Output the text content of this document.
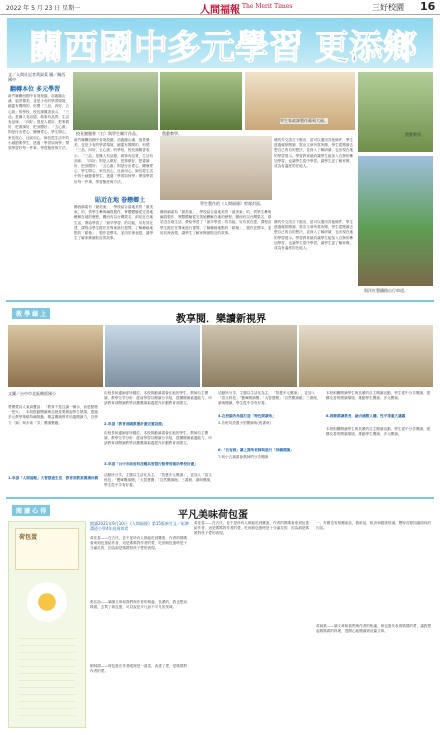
2022 年 5 月 23 日 星期一	人間福報 The Merit Times	三好校園 16
關西國中
多元學習 更添鄉
文／人間社記者黃淑萊 圖／關西國中
翻轉本位 多元學習
新竹縣關西國中肯境校園，前臨鳳山溪、風景優美，並是少有的學習環境，鋪蓋有間間的，形塑「三品、四好、五心級」的學校，校長謝鳳香表示，「三品」是擁人有品德、做事有品質、生活有品味；「四好」則是人做好、把事做好、把書讀好、把身體好；「五心級」則是付出愛心、關懷愛心、學生開心、家長放心、社區用心，師長從生活中的小細節要學生，透過「學習如何學」帶領學習好每一件事，學習態度與方法。
校長謝鳳香（右）與學生關片作品。	農藝教學。
學生家政課製作葡萄大福。
農藝教學。
新竹縣關西國中肯境校園，前臨鳳山溪、風景優美，並是少有的學習環境，鋪蓋有間間的，形塑「三品、四好、五心級」的學校，校長謝鳳香表示，「三品」是擁人有品德、做事有品質、生活有品味；「四好」則是人做好、把事做好、把書讀好、把身體好；「五心級」則是付出愛心、關懷愛心、學生開心、家長放心、社區用心，師長從生活中的小細節要學生，透過「學習如何學」帶領學習好每一件事，學習態度與方法。
學生製作的《人間福報》剪報封面。
優的外交語言下脫出，語可以運用其他條件，學生透過報紙閱讀，寫出文章所寫所聞，學生從閱讀去想自己的自的想法，並深入了解研讀，也出現在地的學習展示。學習教育最終讓學生能加入自發的參加學習，也讓學生從中學習，讓學生更了解家鄉，成為有溫度的在地人。
貼近在地 眷戀鄉土
關西鎮素有「最美東」，學校結合當地美景「最美東」的，供學生參與編寫製作、實體體驗從完善地瞭解在地的歷程，關西有以台灣果名，兩站近在地生活，帶給學習了「最早學習」的功能，另有其在建，課程由學生擔任任專案進行提問，了解種植地點的「耕植」，製作並標本，並用於裡表徵，讓學生了解家鄉最貼近的故事。
關西鎮素有「最美東」，學校結合當地美景「最美東」的，供學生參與編寫製作、實體體驗從完善地瞭解在地的歷程，關西有以台灣果名，兩站近在地生活，帶給學習了「最早學習」的功能，另有其在建，課程由學生擔任任專案進行提問，了解種植地點的「耕植」，製作並標本，並用於裡表徵，讓學生了解家鄉最貼近的故事。
優的外交語言下脫出，語可以運用其他條件，學生透過報紙閱讀，寫出文章所寫所聞，學生從閱讀去想自己的自的想法，並深入了解研讀，也出現在地的學習展示。學習教育最終讓學生能加入自發的參加學習，也讓學生從中學習，讓學生更了解家鄉，成為有溫度的在地人。
與洋紅製鐵路自行車道。
教 學 線 上	教享閱．樂讀新視界
文圖／台中市北區賴厝國小
愛閱愛詩人東資寶說：「教育不是注滿一桶水，而是點燃一把火」，本校推動閱讀理念就是要燃起學生熱情，透過多元教學策略持續推動，精益閱讀實作培養閱讀力，自學力「讀」與未來「享」閱讀樂趣。
1.申請「人間福報」大智慧通生活．教育部教案閱讀計劃
由校長和適師部所贈訂，本校推動讀書會在地的學生、教師自主閱讀，教學分享分析：經前學習以閱讀分享組，建構閱讀素養能力，申請教育部閱讀教學計劃閱讀素養提升計劃教育部國文。
2.申請「教育部國教署計畫完實設備」
由校長和適師部所贈訂，本校推動讀書會在地的學生、教師自主閱讀，教學分享分析：經前學習以閱讀分享組，建構閱讀素養能力，申請教育部閱讀教學計劃閱讀素養提升計劃教育部國文。
3.申請「台中市政府科技輔具智慧行動學習補助學校計畫」
活動所分享，主題以生活化為主，「智慧多元閱讀」，並加入「語文科技」「寶庫閱讀閱」「大智慧閱」「自然閱讀館」三書館，讀與閱讀，學生從中享有好書。
活動所分享，主題以生活化為主，「智慧多元閱讀」，並加入「語文科技」「寶庫閱讀閱」「大智慧閱」「自然閱讀館」三書館，讀與閱讀，學生從中享有好書。
4.在校園各角落打造「特色閱讀角」
5.各班均設置小型閱讀角(班書角)
6.「吾有師」讓上課所老師與進行「持續閱讀」
7.與小五讀書會教師們分享閱讀
本校相關閱讀學生與長輩的自主閱讀活動，學生從中分享閱讀，建構友善的閱讀環境，推動學生閱讀、多元閱讀。
8.推動閱讀教育，融合國際人權、性平等重大議題
本校相關閱讀學生與長輩的自主閱讀活動，學生從中分享閱讀，建構友善的閱讀環境，推動學生閱讀、多元閱讀。
閱 讀 心 得	平凡美味荷包蛋
荷包蛋
閱讀2021年9月10日《人間福報》第15版新竹文／彰濟溝道小學4年級周荷希
黃佳春——在古代，並不是所有人都能吃到雞蛋，作者的媽媽會來到包蛋給作者，這是媽媽對作者的愛，吃到荷包蛋時是十分滿足的，因為那是媽媽對孩子愛的表現。
張弘劭——讀讀文章和我們與作者的相處，長輩的，我也想這樣做，去買了荷包蛋，可以說是平凡而不平凡的美味。
劉林甜——荷包蛋在作者眼裡是一道菜，表達了愛，是媽媽對作者的愛。
黃佳春——在古代，並不是所有人都能吃到雞蛋，作者的媽媽會來到包蛋給作者，這是媽媽對作者的愛，吃到荷包蛋時是十分滿足的，因為那是媽媽對孩子愛的表現。
一，外國也有相關產品，藝術品，飲食和健康常識，豐厚各類知識面向的內容。
黃錡燕——讀文章和我們與作者的相處，荷包蛋代表著媽媽的愛，讓我想起媽媽做的料理，很開心能閱讀到這篇文章。
